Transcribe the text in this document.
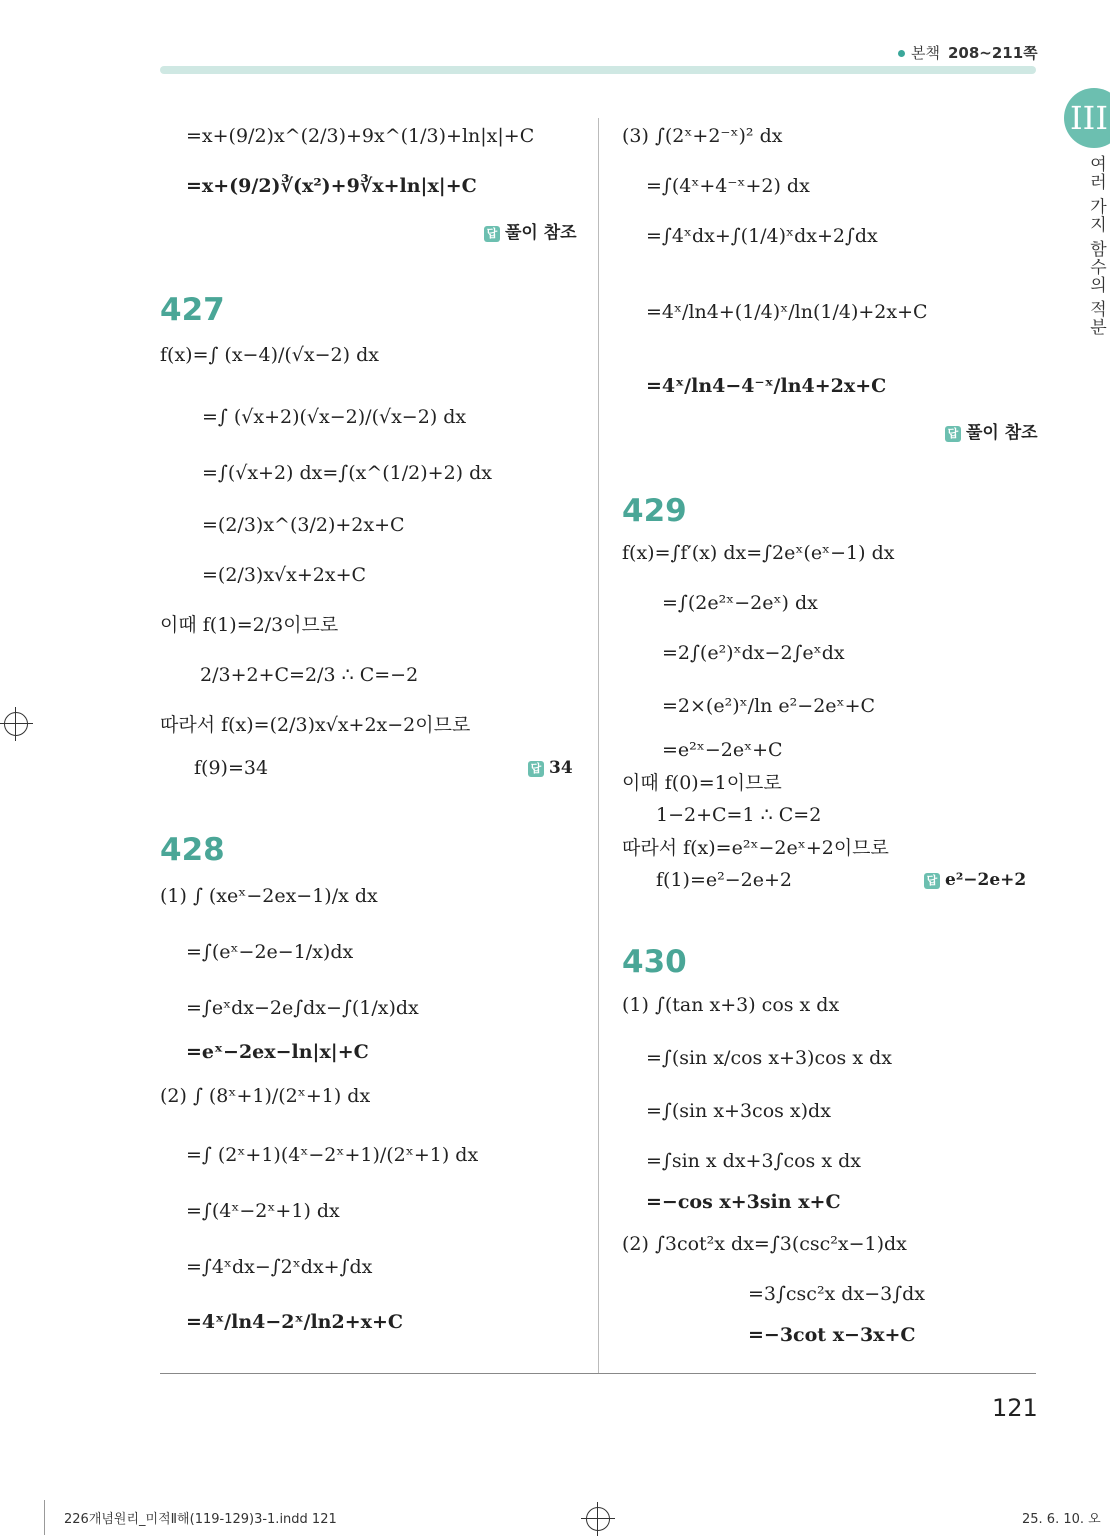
본책 208~211쪽
III
여러 가지 함수의 적분
=x+(9/2)x^(2/3)+9x^(1/3)+ln|x|+C
=x+(9/2)∛(x²)+9∛x+ln|x|+C
답 풀이 참조
427
f(x)=∫ (x−4)/(√x−2) dx
=∫ (√x+2)(√x−2)/(√x−2) dx
=∫(√x+2) dx=∫(x^(1/2)+2) dx
=(2/3)x^(3/2)+2x+C
=(2/3)x√x+2x+C
이때 f(1)=2/3이므로
2/3+2+C=2/3 ∴ C=−2
따라서 f(x)=(2/3)x√x+2x−2이므로
f(9)=34	답 34
428
(1) ∫ (xeˣ−2ex−1)/x dx
=∫(eˣ−2e−1/x)dx
=∫eˣdx−2e∫dx−∫(1/x)dx
=eˣ−2ex−ln|x|+C
(2) ∫ (8ˣ+1)/(2ˣ+1) dx
=∫ (2ˣ+1)(4ˣ−2ˣ+1)/(2ˣ+1) dx
=∫(4ˣ−2ˣ+1) dx
=∫4ˣdx−∫2ˣdx+∫dx
=4ˣ/ln4−2ˣ/ln2+x+C
(3) ∫(2ˣ+2⁻ˣ)² dx
=∫(4ˣ+4⁻ˣ+2) dx
=∫4ˣdx+∫(1/4)ˣdx+2∫dx
=4ˣ/ln4+(1/4)ˣ/ln(1/4)+2x+C
=4ˣ/ln4−4⁻ˣ/ln4+2x+C
답 풀이 참조
429
f(x)=∫f′(x) dx=∫2eˣ(eˣ−1) dx
=∫(2e²ˣ−2eˣ) dx
=2∫(e²)ˣdx−2∫eˣdx
=2×(e²)ˣ/ln e²−2eˣ+C
=e²ˣ−2eˣ+C
이때 f(0)=1이므로
1−2+C=1 ∴ C=2
따라서 f(x)=e²ˣ−2eˣ+2이므로
f(1)=e²−2e+2	답 e²−2e+2
430
(1) ∫(tan x+3) cos x dx
=∫(sin x/cos x+3)cos x dx
=∫(sin x+3cos x)dx
=∫sin x dx+3∫cos x dx
=−cos x+3sin x+C
(2) ∫3cot²x dx=∫3(csc²x−1)dx
=3∫csc²x dx−3∫dx
=−3cot x−3x+C
121
226개념원리_미적Ⅱ해(119-129)3-1.indd 121	25. 6. 10. 오
